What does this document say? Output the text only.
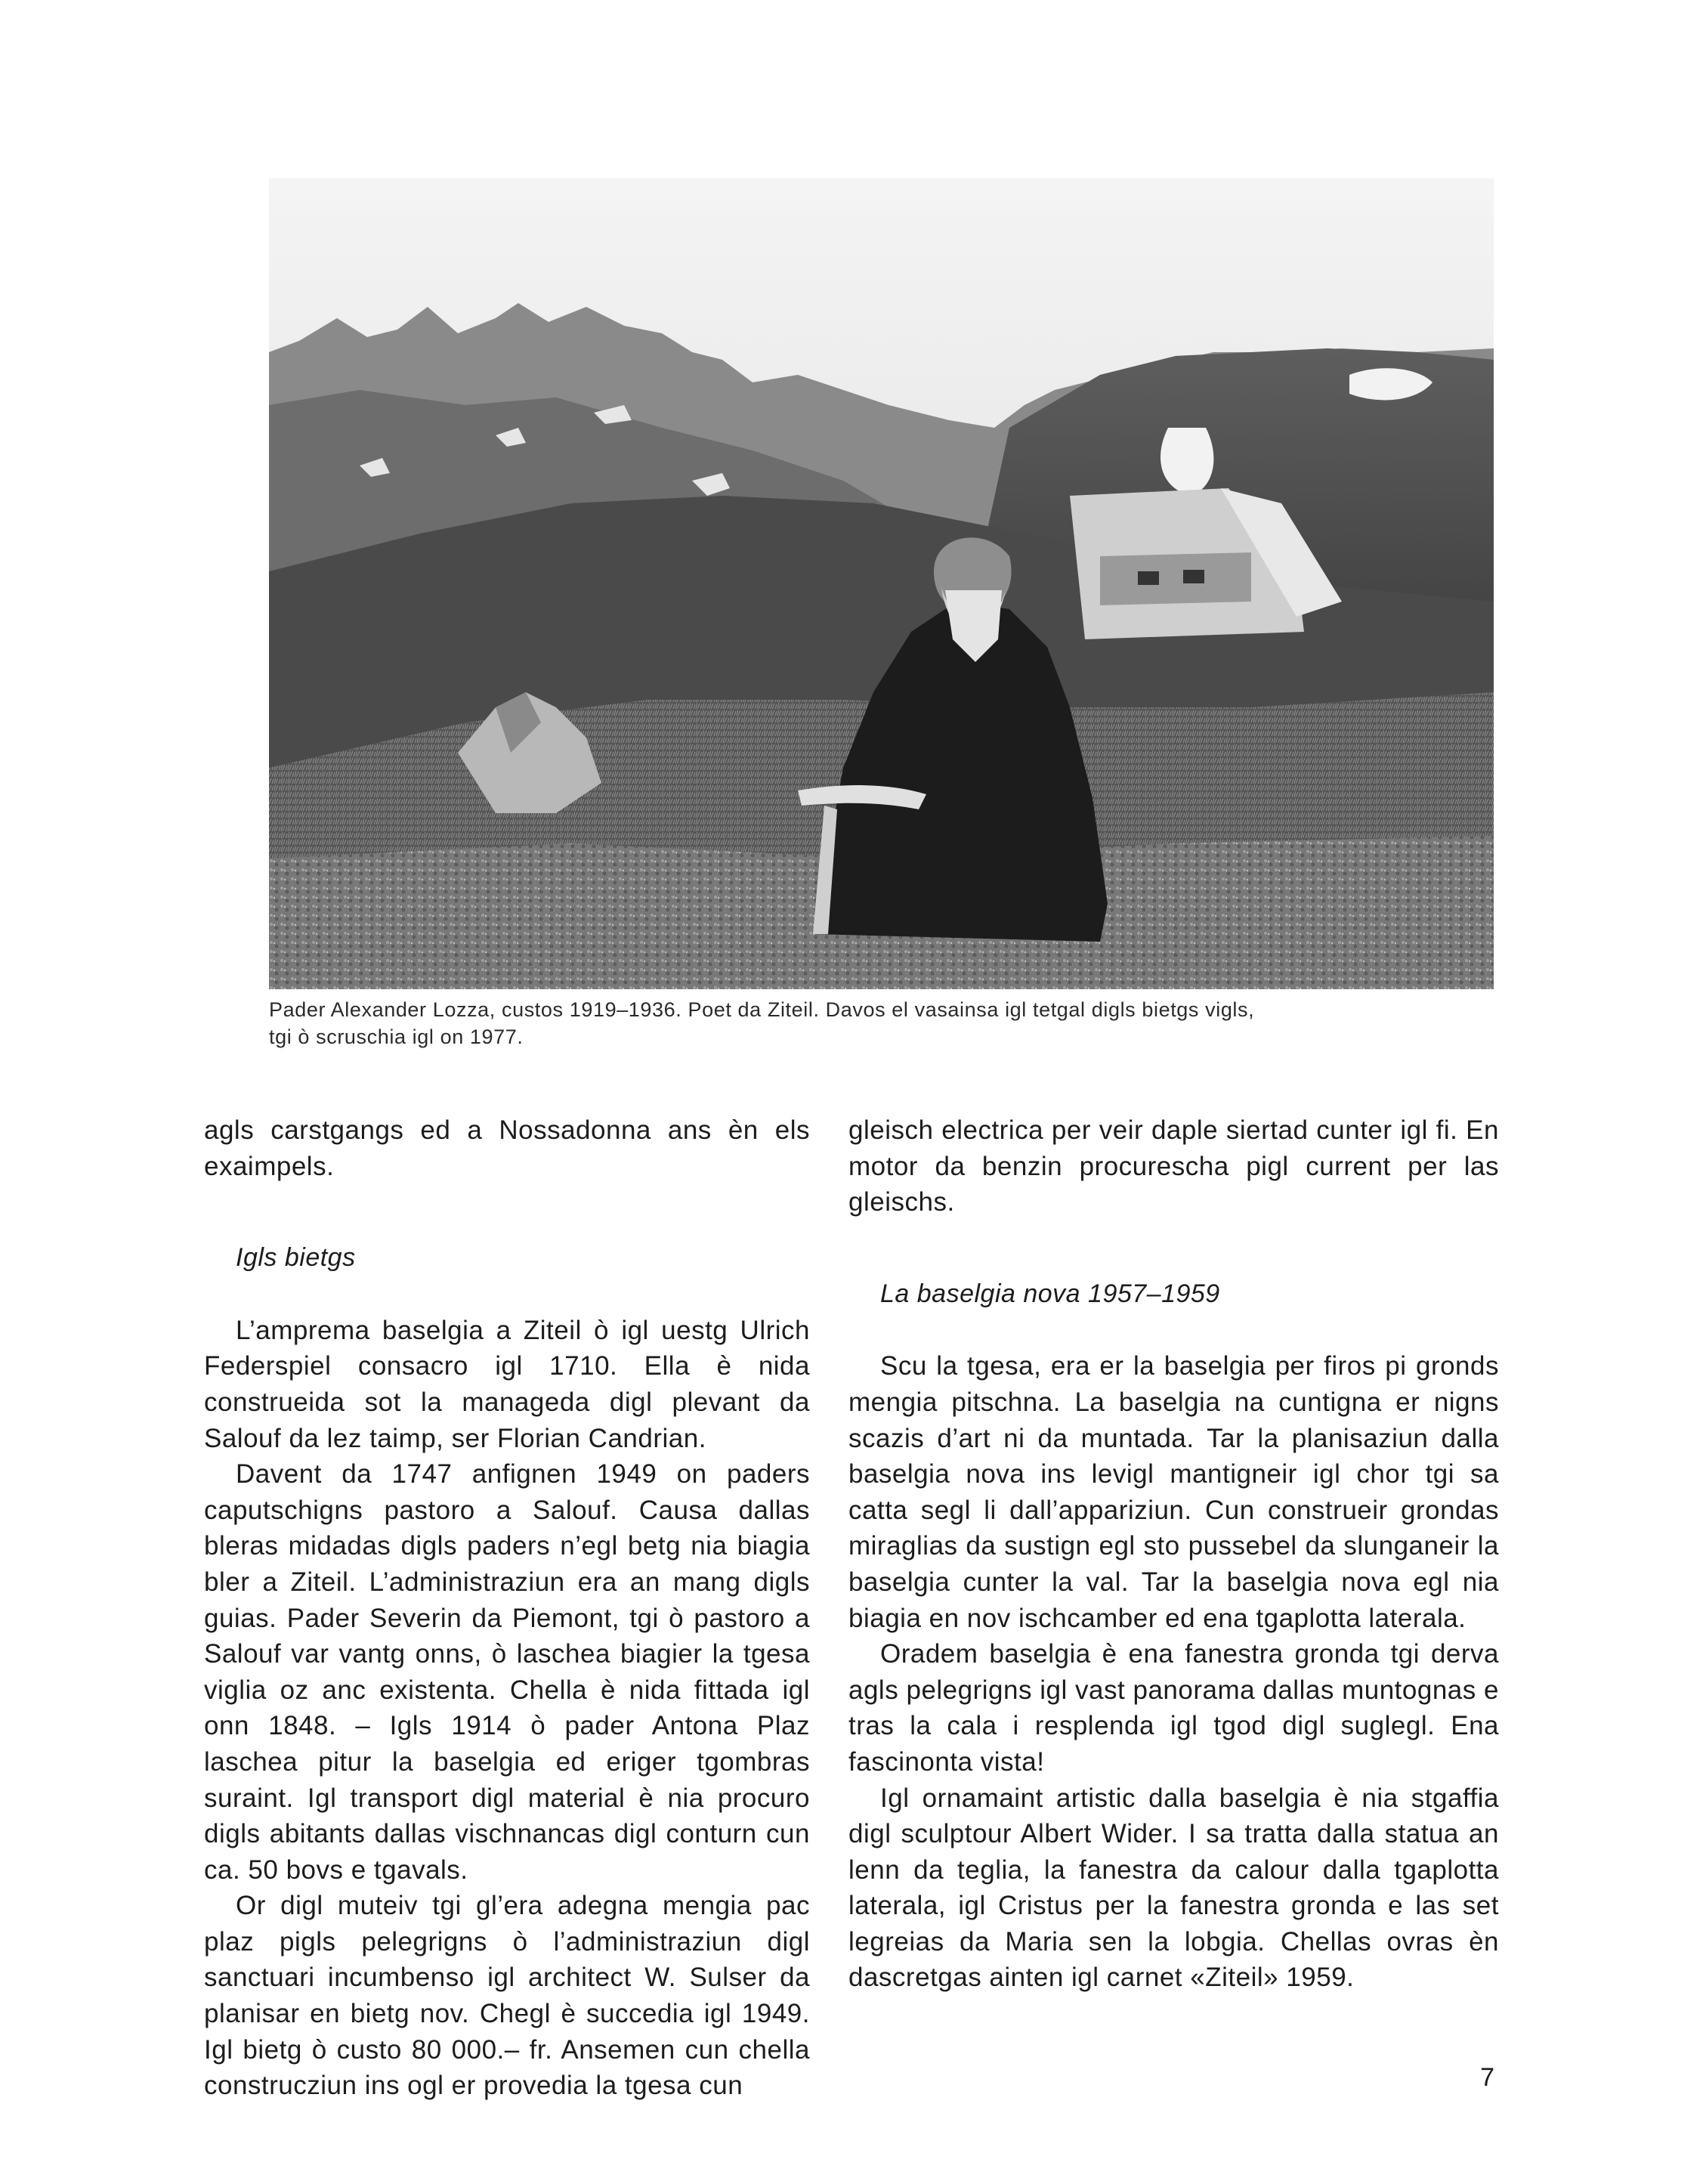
Pader Alexander Lozza, custos 1919–1936. Poet da Ziteil. Davos el vasainsa igl tetgal digls bietgs vigls,

tgi ò scruschia igl on 1977.

agls carstgangs ed a Nossadonna ans èn els exaimpels.

Igls bietgs

L’amprema baselgia a Ziteil ò igl uestg Ulrich Federspiel consacro igl 1710. Ella è nida construeida sot la manageda digl plevant da Salouf da lez taimp, ser Florian Candrian.

Davent da 1747 anfignen 1949 on paders caputschigns pastoro a Salouf. Causa dallas bleras midadas digls paders n’egl betg nia biagia bler a Ziteil. L’administraziun era an mang digls guias. Pader Severin da Piemont, tgi ò pastoro a Salouf var vantg onns, ò laschea biagier la tgesa viglia oz anc existenta. Chella è nida fittada igl onn 1848. – Igls 1914 ò pader Antona Plaz laschea pitur la baselgia ed eriger tgombras suraint. Igl transport digl material è nia procuro digls abitants dallas vischnancas digl conturn cun ca. 50 bovs e tgavals.

Or digl muteiv tgi gl’era adegna mengia pac plaz pigls pelegrigns ò l’administraziun digl sanctuari incumbenso igl architect W. Sulser da planisar en bietg nov. Chegl è succedia igl 1949. Igl bietg ò custo 80 000.– fr. Ansemen cun chella construcziun ins ogl er provedia la tgesa cun

gleisch electrica per veir daple siertad cunter igl fi. En motor da benzin procurescha pigl current per las gleischs.

La baselgia nova 1957–1959

Scu la tgesa, era er la baselgia per firos pi gronds mengia pitschna. La baselgia na cuntigna er nigns scazis d’art ni da muntada. Tar la planisaziun dalla baselgia nova ins levigl mantigneir igl chor tgi sa catta segl li dall’appariziun. Cun construeir grondas miraglias da sustign egl sto pussebel da slunganeir la baselgia cunter la val. Tar la baselgia nova egl nia biagia en nov ischcamber ed ena tgaplotta laterala.

Oradem baselgia è ena fanestra gronda tgi derva agls pelegrigns igl vast panorama dallas muntognas e tras la cala i resplenda igl tgod digl suglegl. Ena fascinonta vista!

Igl ornamaint artistic dalla baselgia è nia stgaffia digl sculptour Albert Wider. I sa tratta dalla statua an lenn da teglia, la fanestra da calour dalla tgaplotta laterala, igl Cristus per la fanestra gronda e las set legreias da Maria sen la lobgia. Chellas ovras èn dascretgas ainten igl carnet «Ziteil» 1959.

7
